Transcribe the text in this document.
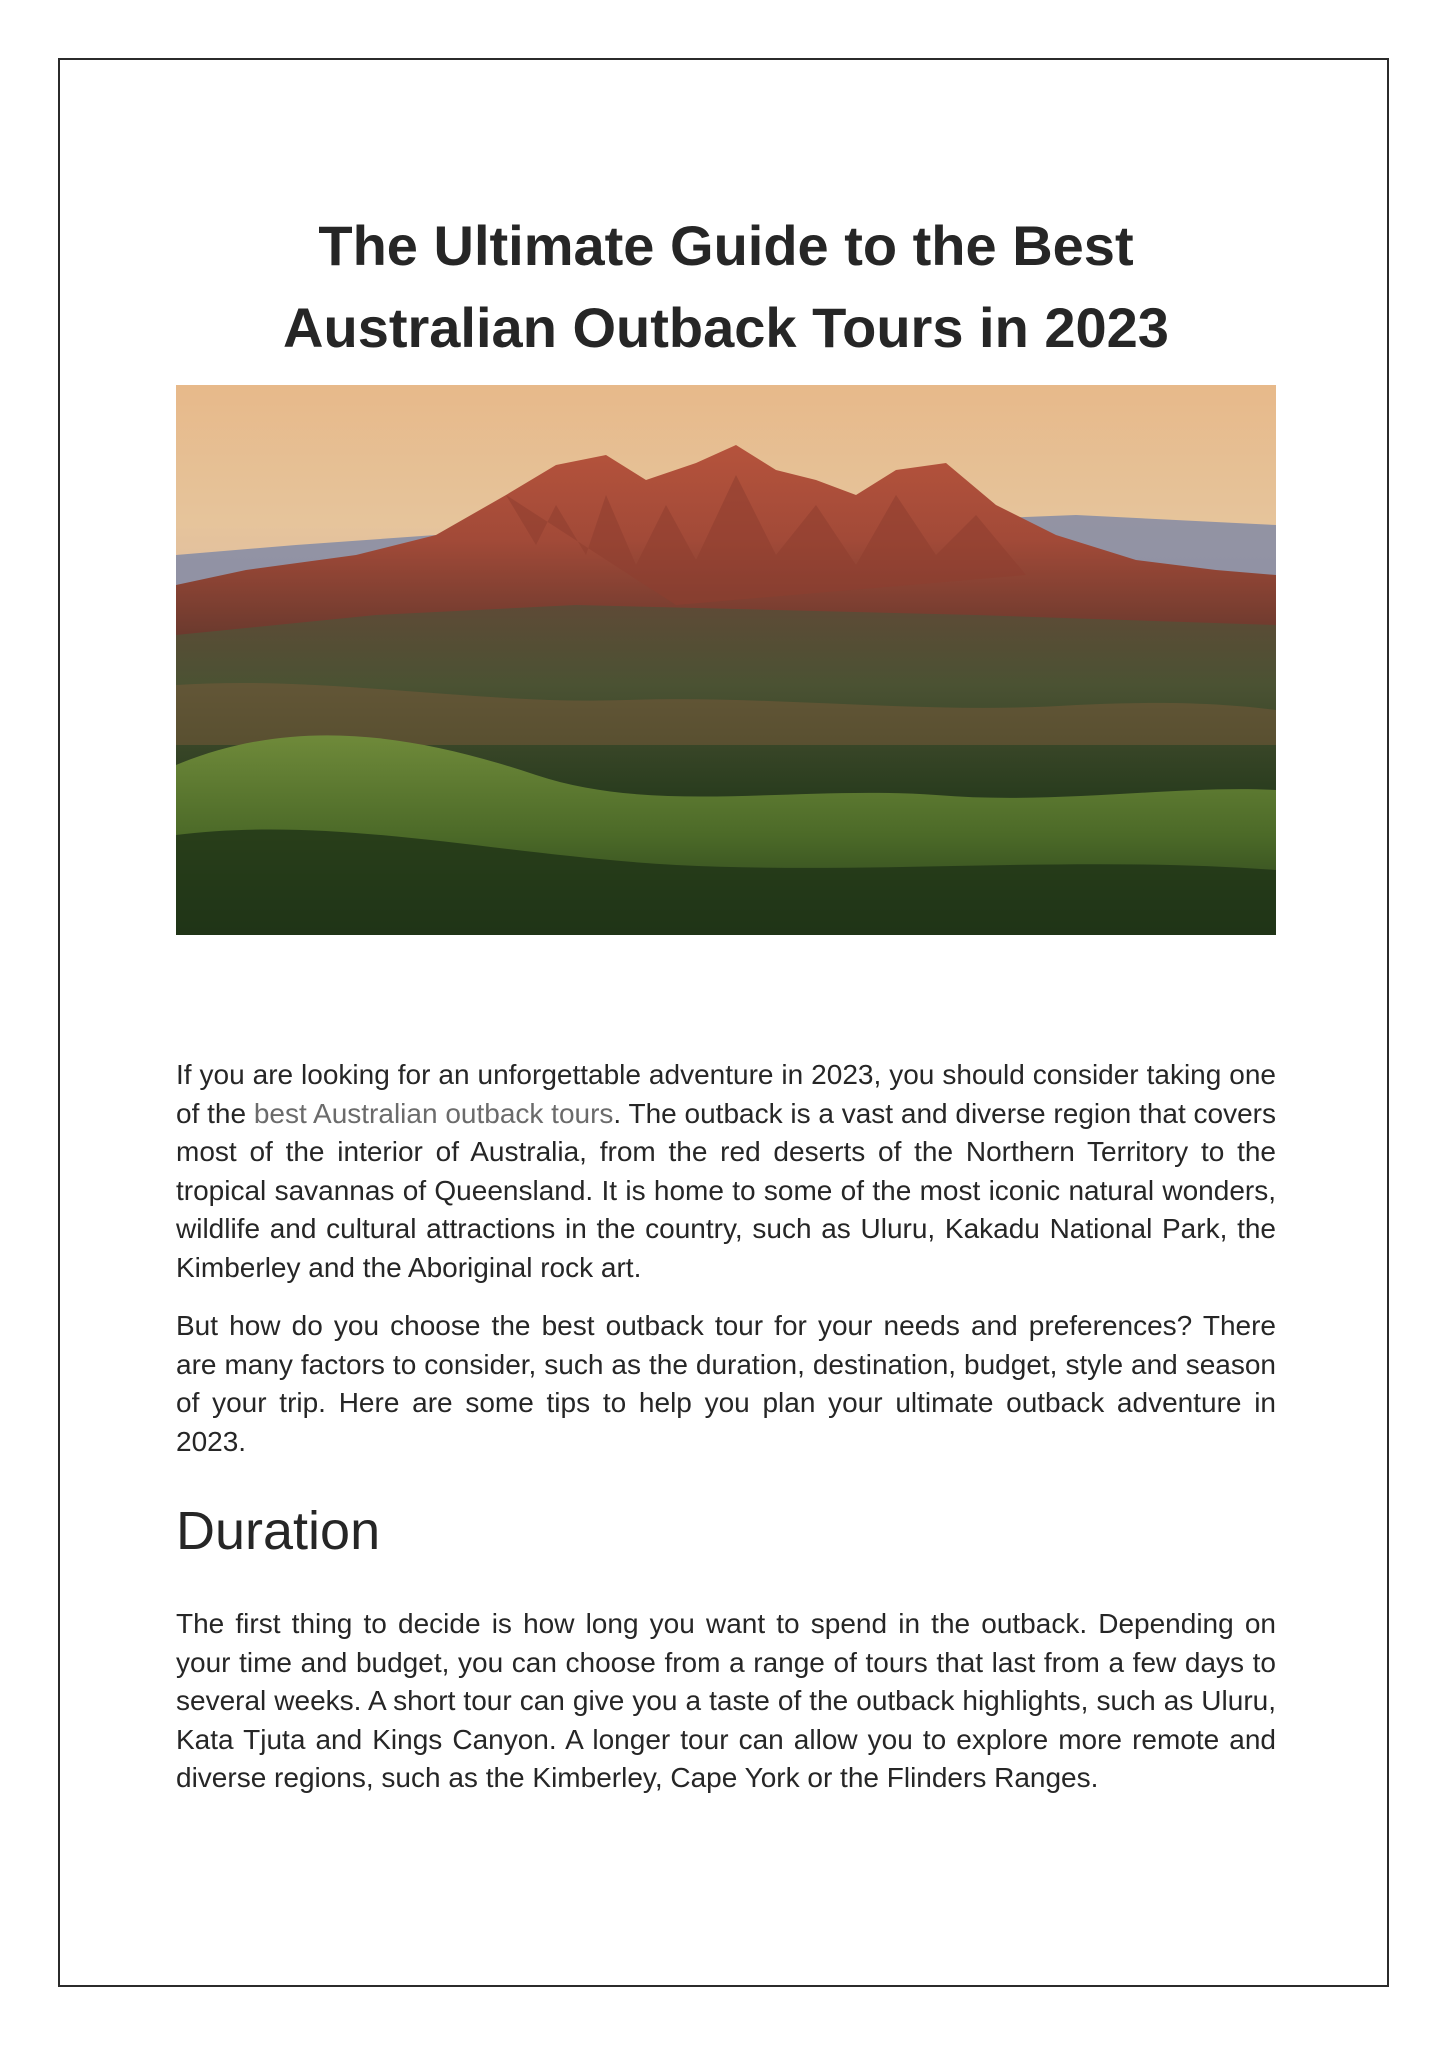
The Ultimate Guide to the Best
Australian Outback Tours in 2023

If you are looking for an unforgettable adventure in 2023, you should consider taking one of the best Australian outback tours. The outback is a vast and diverse region that covers most of the interior of Australia, from the red deserts of the Northern Territory to the tropical savannas of Queensland. It is home to some of the most iconic natural wonders, wildlife and cultural attractions in the country, such as Uluru, Kakadu National Park, the Kimberley and the Aboriginal rock art.

But how do you choose the best outback tour for your needs and preferences? There are many factors to consider, such as the duration, destination, budget, style and season of your trip. Here are some tips to help you plan your ultimate outback adventure in 2023.

Duration

The first thing to decide is how long you want to spend in the outback. Depending on your time and budget, you can choose from a range of tours that last from a few days to several weeks. A short tour can give you a taste of the outback highlights, such as Uluru, Kata Tjuta and Kings Canyon. A longer tour can allow you to explore more remote and diverse regions, such as the Kimberley, Cape York or the Flinders Ranges.
